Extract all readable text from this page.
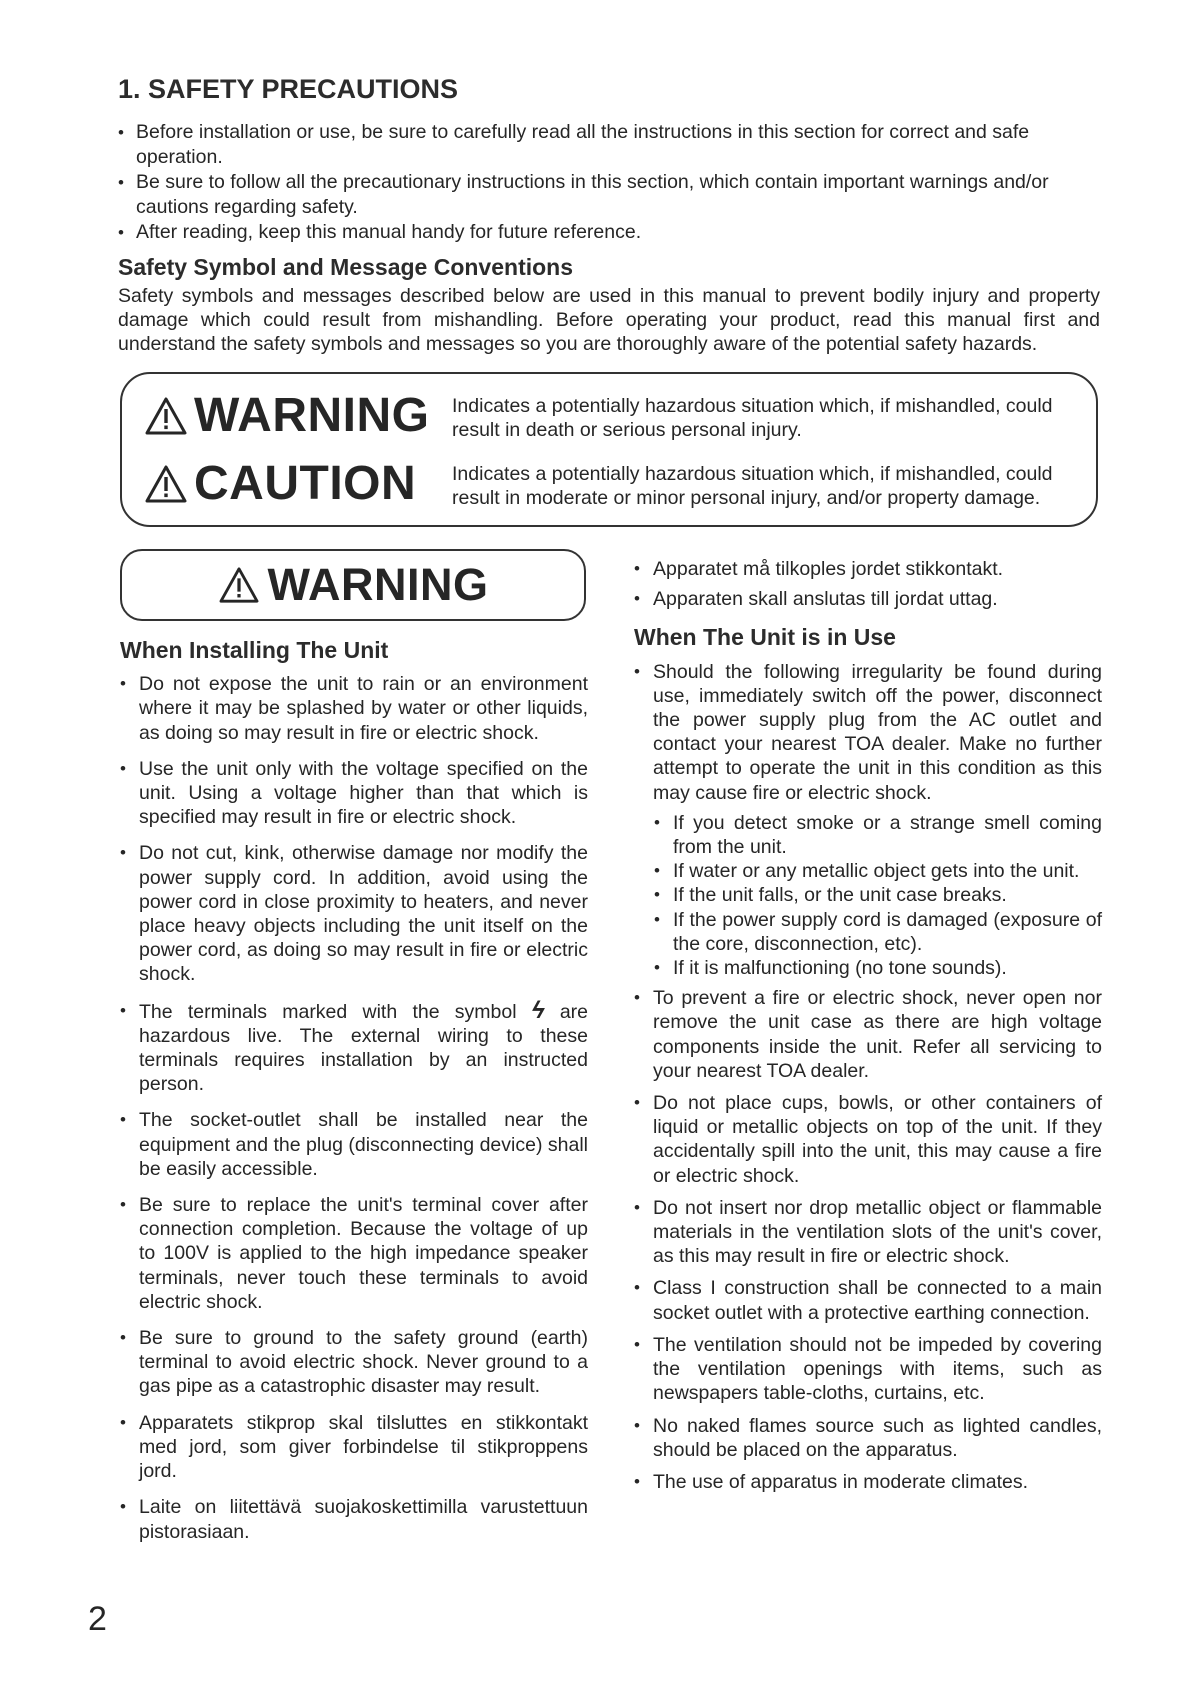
1. SAFETY PRECAUTIONS
• Before installation or use, be sure to carefully read all the instructions in this section for correct and safe operation.
• Be sure to follow all the precautionary instructions in this section, which contain important warnings and/or cautions regarding safety.
• After reading, keep this manual handy for future reference.
Safety Symbol and Message Conventions

Safety symbols and messages described below are used in this manual to prevent bodily injury and property damage which could result from mishandling. Before operating your product, read this manual first and understand the safety symbols and messages so you are thoroughly aware of the potential safety hazards.

WARNING Indicates a potentially hazardous situation which, if mishandled, could result in death or serious personal injury.
CAUTION Indicates a potentially hazardous situation which, if mishandled, could result in moderate or minor personal injury, and/or property damage.
WARNING
When Installing The Unit
• Do not expose the unit to rain or an environment where it may be splashed by water or other liquids, as doing so may result in fire or electric shock.
• Use the unit only with the voltage specified on the unit. Using a voltage higher than that which is specified may result in fire or electric shock.
• Do not cut, kink, otherwise damage nor modify the power supply cord. In addition, avoid using the power cord in close proximity to heaters, and never place heavy objects including the unit itself on the power cord, as doing so may result in fire or electric shock.
• The terminals marked with the symbol ϟ are hazardous live. The external wiring to these terminals requires installation by an instructed person.
• The socket-outlet shall be installed near the equipment and the plug (disconnecting device) shall be easily accessible.
• Be sure to replace the unit's terminal cover after connection completion. Because the voltage of up to 100V is applied to the high impedance speaker terminals, never touch these terminals to avoid electric shock.
• Be sure to ground to the safety ground (earth) terminal to avoid electric shock. Never ground to a gas pipe as a catastrophic disaster may result.
• Apparatets stikprop skal tilsluttes en stikkontakt med jord, som giver forbindelse til stikproppens jord.
• Laite on liitettävä suojakoskettimilla varustettuun pistorasiaan.
• Apparatet må tilkoples jordet stikkontakt.
• Apparaten skall anslutas till jordat uttag.
When The Unit is in Use
• Should the following irregularity be found during use, immediately switch off the power, disconnect the power supply plug from the AC outlet and contact your nearest TOA dealer. Make no further attempt to operate the unit in this condition as this may cause fire or electric shock.
• If you detect smoke or a strange smell coming from the unit.
• If water or any metallic object gets into the unit.
• If the unit falls, or the unit case breaks.
• If the power supply cord is damaged (exposure of the core, disconnection, etc).
• If it is malfunctioning (no tone sounds).
• To prevent a fire or electric shock, never open nor remove the unit case as there are high voltage components inside the unit. Refer all servicing to your nearest TOA dealer.
• Do not place cups, bowls, or other containers of liquid or metallic objects on top of the unit. If they accidentally spill into the unit, this may cause a fire or electric shock.
• Do not insert nor drop metallic object or flammable materials in the ventilation slots of the unit's cover, as this may result in fire or electric shock.
• Class I construction shall be connected to a main socket outlet with a protective earthing connection.
• The ventilation should not be impeded by covering the ventilation openings with items, such as newspapers table-cloths, curtains, etc.
• No naked flames source such as lighted candles, should be placed on the apparatus.
• The use of apparatus in moderate climates.
2
